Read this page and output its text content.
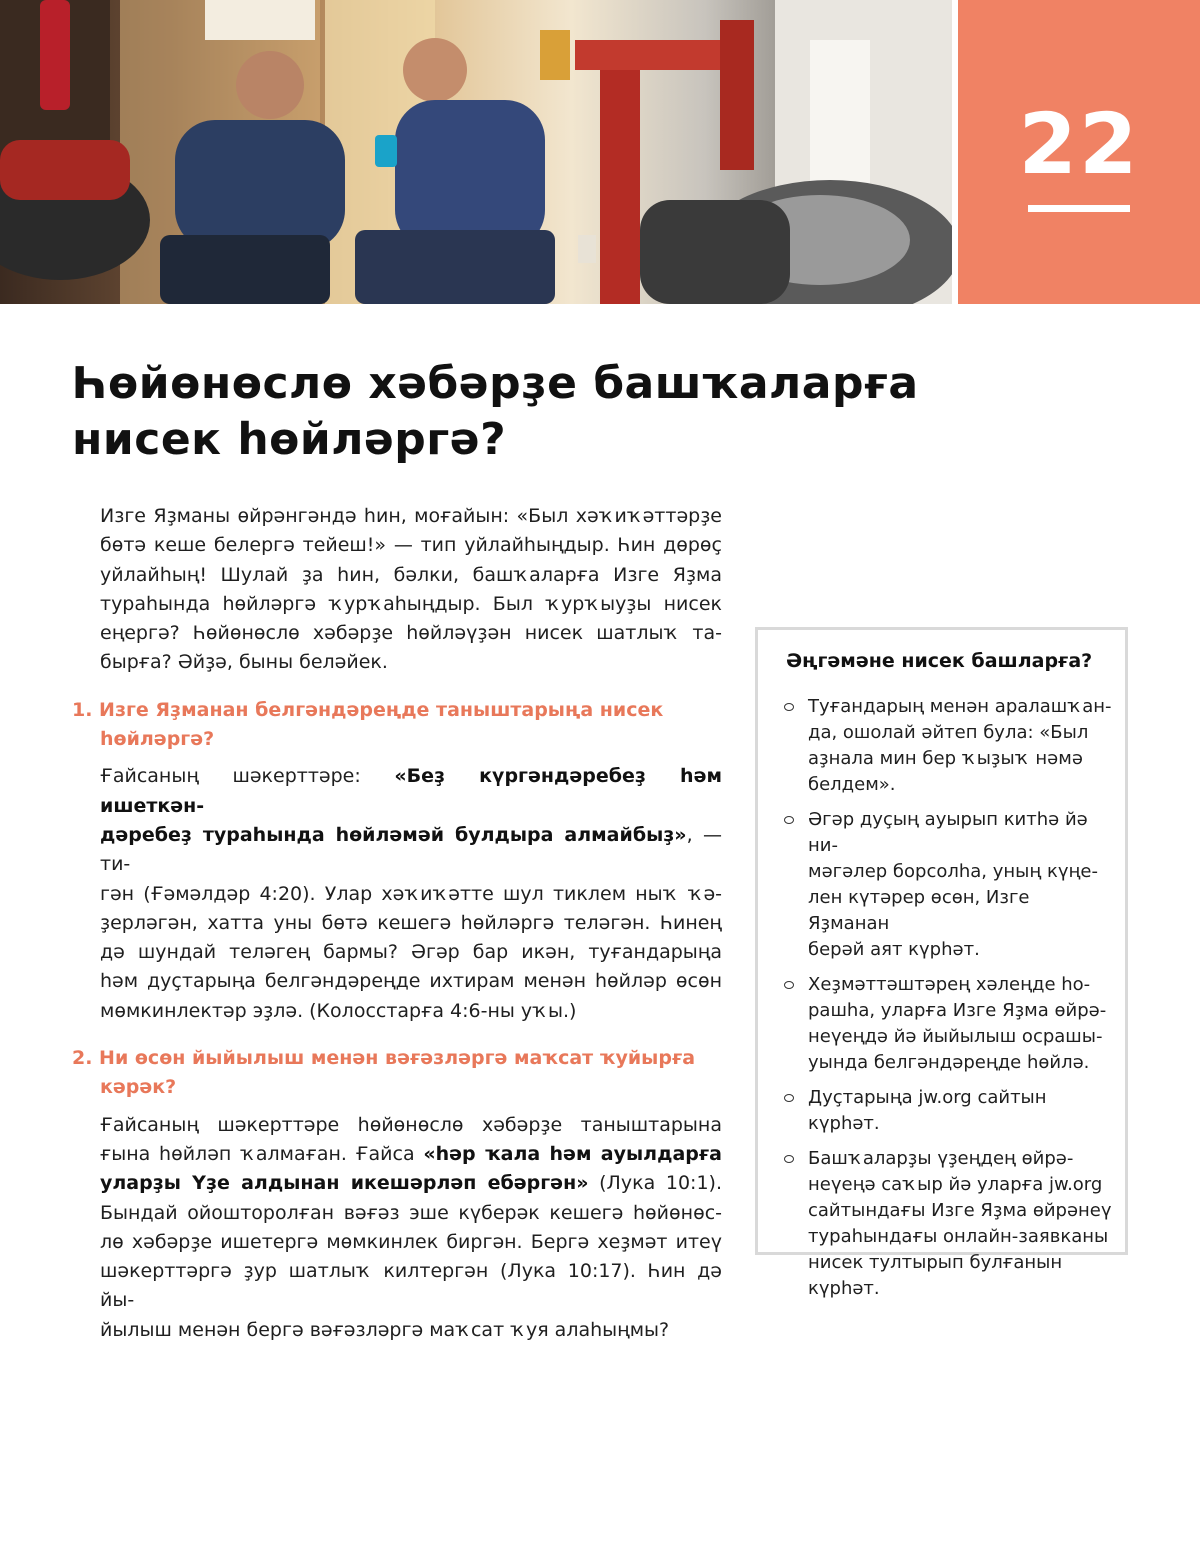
22
Һөйөнөслө хәбәрҙе башҡаларға
нисек һөйләргә?

Изге Яҙманы өйрәнгәндә һин, моғайын: «Был хәҡиҡәттәрҙе
бөтә кеше белергә тейеш!» — тип уйлайһыңдыр. Һин дөрөҫ
уйлайһың! Шулай ҙа һин, бәлки, башҡаларға Изге Яҙма
тураһында һөйләргә ҡурҡаһыңдыр. Был ҡурҡыуҙы нисек
еңергә? Һөйөнөслө хәбәрҙе һөйләүҙән нисек шатлыҡ та-
бырға? Әйҙә, быны беләйек.

1. Изге Яҙманан белгәндәреңде таныштарыңа нисек
һөйләргә?

Ғайсаның шәкерттәре: «Беҙ күргәндәребеҙ һәм ишеткән-
дәребеҙ тураһында һөйләмәй булдыра алмайбыҙ», — ти-
гән (Ғәмәлдәр 4:20). Улар хәҡиҡәтте шул тиклем ныҡ ҡә-
ҙерләгән, хатта уны бөтә кешегә һөйләргә теләгән. Һинең
дә шундай теләгең бармы? Әгәр бар икән, туғандарыңа
һәм дуҫтарыңа белгәндәреңде ихтирам менән һөйләр өсөн
мөмкинлектәр эҙлә. (Колосстарға 4:6-ны уҡы.)

2. Ни өсөн йыйылыш менән вәғәзләргә маҡсат ҡуйырға
кәрәк?

Ғайсаның шәкерттәре һөйөнөслө хәбәрҙе таныштарына
ғына һөйләп ҡалмаған. Ғайса «һәр ҡала һәм ауылдарға
уларҙы Үҙе алдынан икешәрләп ебәргән» (Лука 10:1).
Бындай ойошторолған вәғәз эше күберәк кешегә һөйөнөс-
лө хәбәрҙе ишетергә мөмкинлек биргән. Бергә хеҙмәт итеү
шәкерттәргә ҙур шатлыҡ килтергән (Лука 10:17). Һин дә йы-
йылыш менән бергә вәғәзләргә маҡсат ҡуя алаһыңмы?

Әңгәмәне нисек башларға?
Туғандарың менән аралашҡан-
да, ошолай әйтеп була: «Был
аҙнала мин бер ҡыҙыҡ нәмә
белдем».
Әгәр дуҫың ауырып китһә йә ни-
мәгәлер борсолһа, уның күңе-
лен күтәрер өсөн, Изге Яҙманан
берәй аят күрһәт.
Хеҙмәттәштәрең хәлеңде һо-
рашһа, уларға Изге Яҙма өйрә-
неүеңдә йә йыйылыш осрашы-
уында белгәндәреңде һөйлә.
Дуҫтарыңа jw.org сайтын
күрһәт.
Башҡаларҙы үҙеңдең өйрә-
неүеңә саҡыр йә уларға jw.org
сайтындағы Изге Яҙма өйрәнеү
тураһындағы онлайн-заявканы
нисек тултырып булғанын
күрһәт.
